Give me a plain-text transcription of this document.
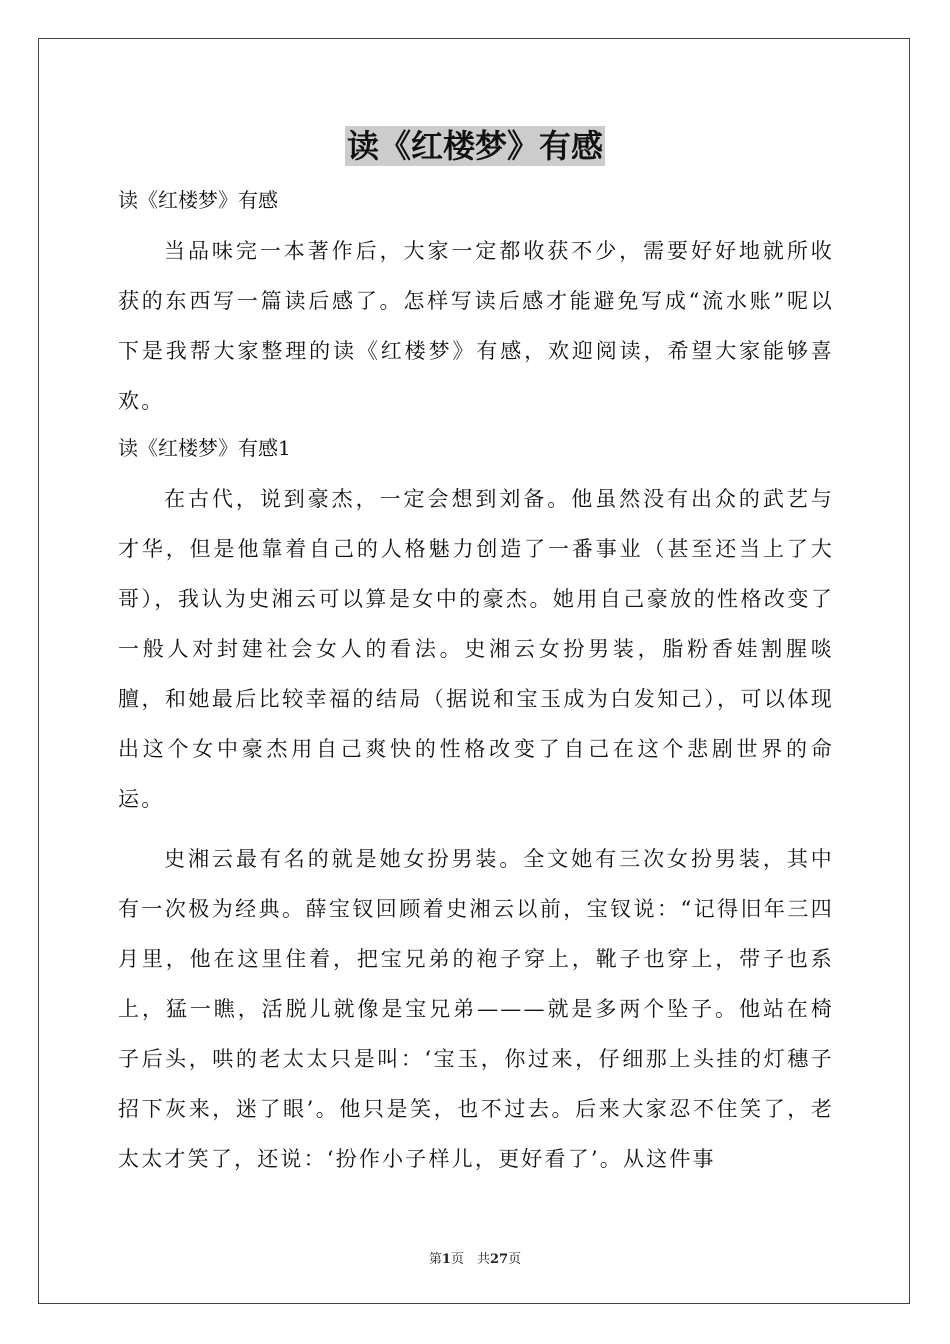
读《红楼梦》有感

读《红楼梦》有感

当品味完一本著作后，大家一定都收获不少，需要好好地就所收获的东西写一篇读后感了。怎样写读后感才能避免写成“流水账”呢以下是我帮大家整理的读《红楼梦》有感，欢迎阅读，希望大家能够喜欢。

读《红楼梦》有感1

在古代，说到豪杰，一定会想到刘备。他虽然没有出众的武艺与才华，但是他靠着自己的人格魅力创造了一番事业（甚至还当上了大哥），我认为史湘云可以算是女中的豪杰。她用自己豪放的性格改变了一般人对封建社会女人的看法。史湘云女扮男装，脂粉香娃割腥啖膻，和她最后比较幸福的结局（据说和宝玉成为白发知己），可以体现出这个女中豪杰用自己爽快的性格改变了自己在这个悲剧世界的命运。

史湘云最有名的就是她女扮男装。全文她有三次女扮男装，其中有一次极为经典。薛宝钗回顾着史湘云以前，宝钗说：“记得旧年三四月里，他在这里住着，把宝兄弟的袍子穿上，靴子也穿上，带子也系上，猛一瞧，活脱儿就像是宝兄弟———就是多两个坠子。他站在椅子后头，哄的老太太只是叫：‘宝玉，你过来，仔细那上头挂的灯穗子招下灰来，迷了眼’。他只是笑，也不过去。后来大家忍不住笑了，老太太才笑了，还说：‘扮作小子样儿，更好看了’。从这件事

第1页　共27页
